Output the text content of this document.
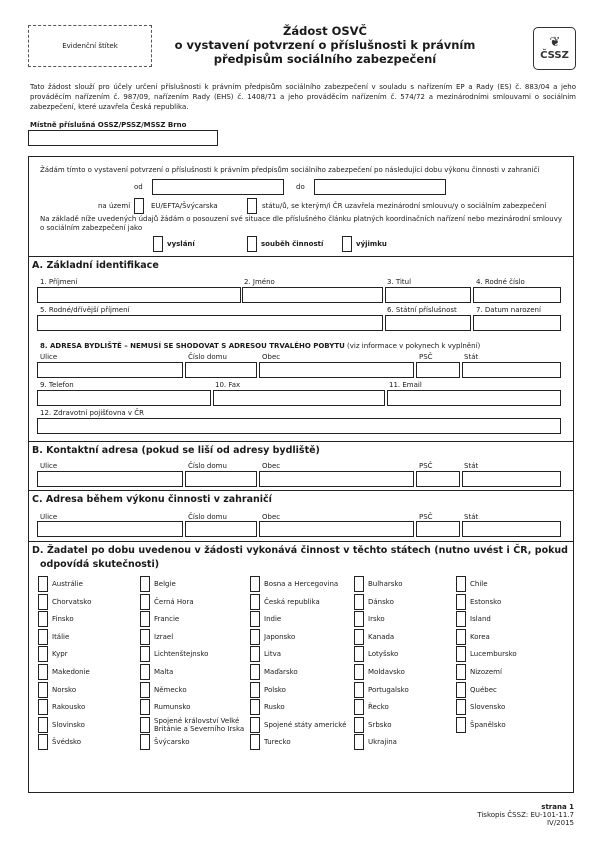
Evidenční štítek
Žádost OSVČ
o vystavení potvrzení o příslušnosti k právním
předpisům sociálního zabezpečení
❦
ČSSZ
Tato žádost slouží pro účely určení příslušnosti k právním předpisům sociálního zabezpečení v souladu s nařízením EP a Rady (ES) č. 883/04 a jeho prováděcím nařízením č. 987/09, nařízením Rady (EHS) č. 1408/71 a jeho prováděcím nařízením č. 574/72 a mezinárodními smlouvami o sociálním zabezpečení, které uzavřela Česká republika.
Místně příslušná OSSZ/PSSZ/MSSZ Brno
Žádám tímto o vystavení potvrzení o příslušnosti k právním předpisům sociálního zabezpečení po následující dobu výkonu činnosti v zahraničí
od	do
na území	EU/EFTA/Švýcarska	státu/ů, se kterým/i ČR uzavřela mezinárodní smlouvu/y o sociálním zabezpečení
Na základě níže uvedených údajů žádám o posouzení své situace dle příslušného článku platných koordinačních nařízení nebo mezinárodní smlouvy o sociálním zabezpečení jako
vyslání	souběh činností	výjimku
A. Základní identifikace
1. Příjmení	2. Jméno	3. Titul	4. Rodné číslo
5. Rodné/dřívější příjmení	6. Státní příslušnost	7. Datum narození
8. ADRESA BYDLIŠTĚ – NEMUSÍ SE SHODOVAT S ADRESOU TRVALÉHO POBYTU (viz informace v pokynech k vyplnění)
Ulice	Číslo domu	Obec	PSČ	Stát
9. Telefon	10. Fax	11. Email
12. Zdravotní pojišťovna v ČR
B. Kontaktní adresa (pokud se liší od adresy bydliště)
Ulice	Číslo domu	Obec	PSČ	Stát
C. Adresa během výkonu činnosti v zahraničí
Ulice	Číslo domu	Obec	PSČ	Stát
D. Žadatel po dobu uvedenou v žádosti vykonává činnost v těchto státech (nutno uvést i ČR, pokud
odpovídá skutečnosti)
Austrálie	Belgie	Bosna a Hercegovina	Bulharsko	Chile
Chorvatsko	Černá Hora	Česká republika	Dánsko	Estonsko
Finsko	Francie	Indie	Irsko	Island
Itálie	Izrael	Japonsko	Kanada	Korea
Kypr	Lichtenštejnsko	Litva	Lotyšsko	Lucembursko
Makedonie	Malta	Maďarsko	Moldavsko	Nizozemí
Norsko	Německo	Polsko	Portugalsko	Québec
Rakousko	Rumunsko	Rusko	Řecko	Slovensko
Slovinsko	Spojené království Velké Británie a Severního Irska	Spojené státy americké	Srbsko	Španělsko
Švédsko	Švýcarsko	Turecko	Ukrajina
strana 1
Tiskopis ČSSZ: EU-101-11.7
IV/2015
